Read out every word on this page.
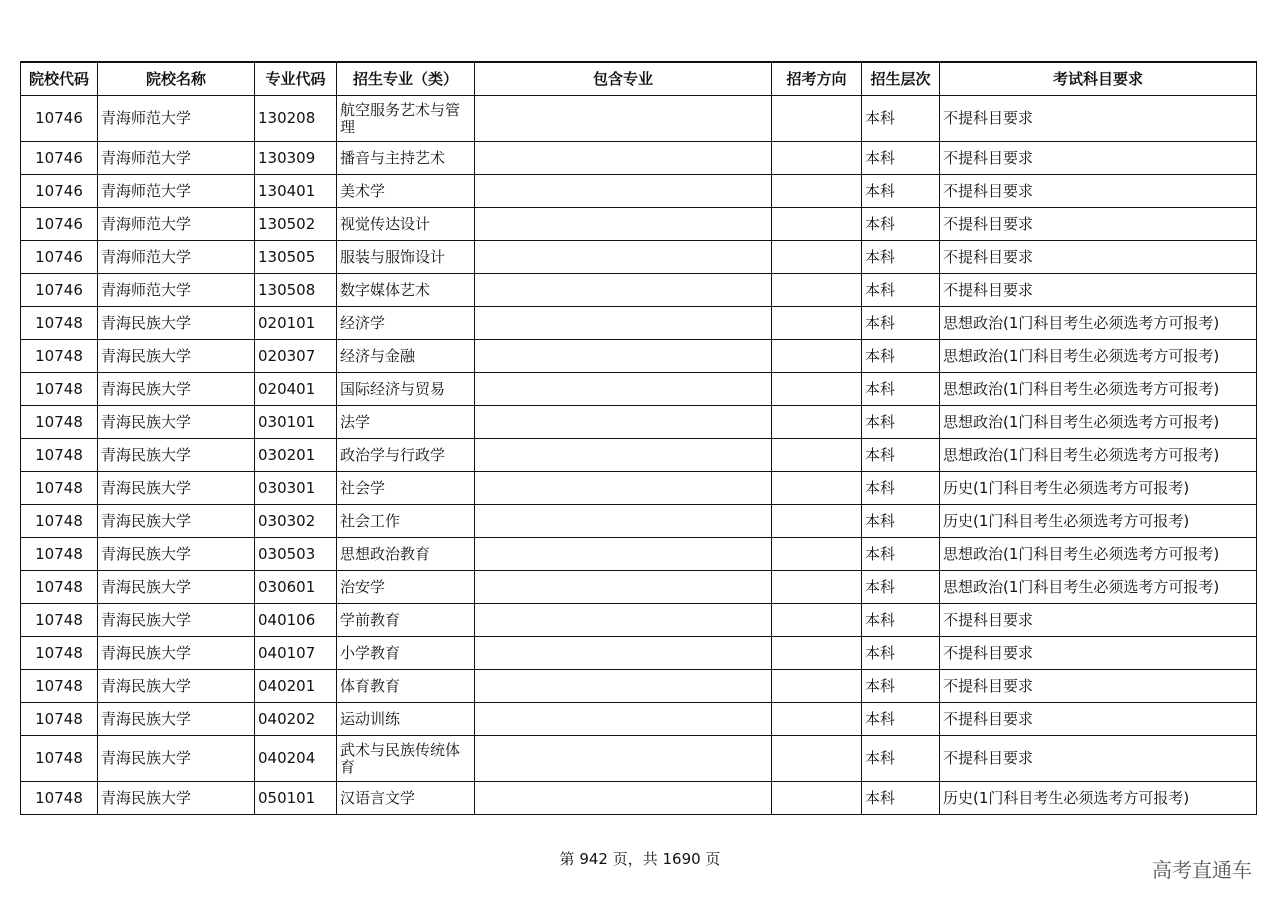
院校代码	院校名称	专业代码	招生专业（类）	包含专业	招考方向	招生层次	考试科目要求
10746	青海师范大学	130208	航空服务艺术与管理			本科	不提科目要求
10746	青海师范大学	130309	播音与主持艺术			本科	不提科目要求
10746	青海师范大学	130401	美术学			本科	不提科目要求
10746	青海师范大学	130502	视觉传达设计			本科	不提科目要求
10746	青海师范大学	130505	服装与服饰设计			本科	不提科目要求
10746	青海师范大学	130508	数字媒体艺术			本科	不提科目要求
10748	青海民族大学	020101	经济学			本科	思想政治(1门科目考生必须选考方可报考)
10748	青海民族大学	020307	经济与金融			本科	思想政治(1门科目考生必须选考方可报考)
10748	青海民族大学	020401	国际经济与贸易			本科	思想政治(1门科目考生必须选考方可报考)
10748	青海民族大学	030101	法学			本科	思想政治(1门科目考生必须选考方可报考)
10748	青海民族大学	030201	政治学与行政学			本科	思想政治(1门科目考生必须选考方可报考)
10748	青海民族大学	030301	社会学			本科	历史(1门科目考生必须选考方可报考)
10748	青海民族大学	030302	社会工作			本科	历史(1门科目考生必须选考方可报考)
10748	青海民族大学	030503	思想政治教育			本科	思想政治(1门科目考生必须选考方可报考)
10748	青海民族大学	030601	治安学			本科	思想政治(1门科目考生必须选考方可报考)
10748	青海民族大学	040106	学前教育			本科	不提科目要求
10748	青海民族大学	040107	小学教育			本科	不提科目要求
10748	青海民族大学	040201	体育教育			本科	不提科目要求
10748	青海民族大学	040202	运动训练			本科	不提科目要求
10748	青海民族大学	040204	武术与民族传统体育			本科	不提科目要求
10748	青海民族大学	050101	汉语言文学			本科	历史(1门科目考生必须选考方可报考)
第 942 页，共 1690 页	高考直通车
